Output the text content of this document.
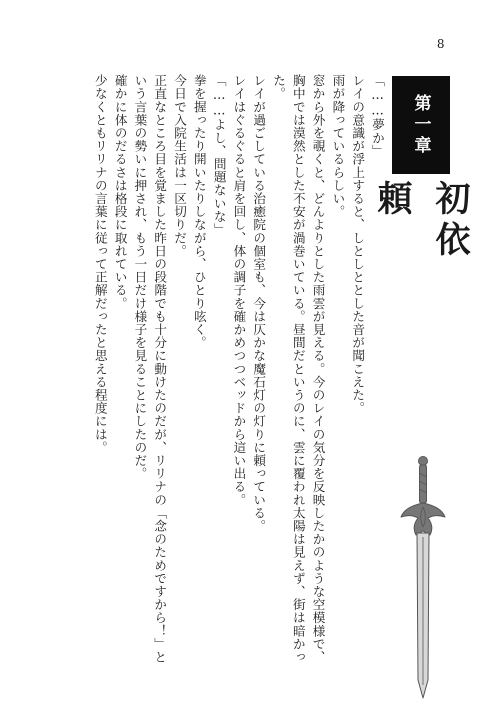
8
第一章
初依頼

「……夢か」

レイの意識が浮上すると、しとしととした音が聞こえた。

雨が降っているらしい。

窓から外を覗くと、どんよりとした雨雲が見える。今のレイの気分を反映したかのような空模様で、胸中では漠然とした不安が渦巻いている。昼間だというのに、雲に覆われ太陽は見えず、街は暗かった。

レイが過ごしている治癒院の個室も、今は仄かな魔石灯の灯りに頼っている。

レイはぐるぐると肩を回し、体の調子を確かめつつベッドから這い出る。

「……よし、問題ないな」

拳を握ったり開いたりしながら、ひとり呟く。

今日で入院生活は一区切りだ。

正直なところ目を覚ました昨日の段階でも十分に動けたのだが、リリナの「念のためですから！」という言葉の勢いに押され、もう一日だけ様子を見ることにしたのだ。

確かに体のだるさは格段に取れている。

少なくともリリナの言葉に従って正解だったと思える程度には。
